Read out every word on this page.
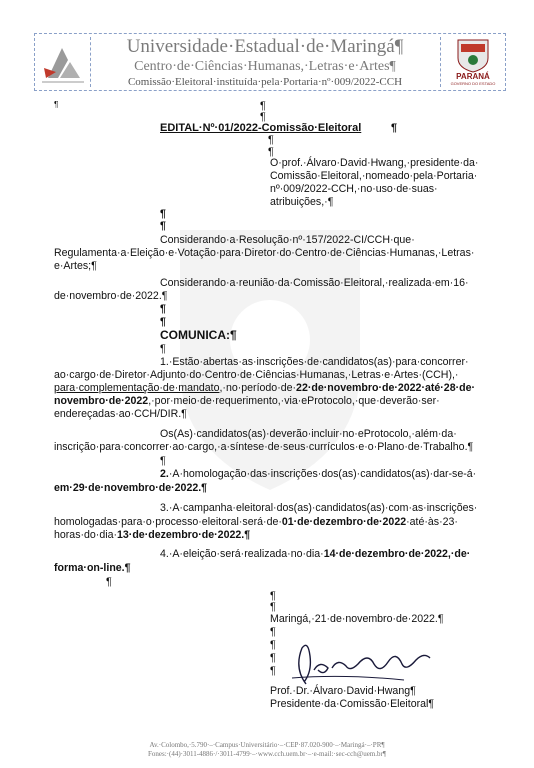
Universidade·Estadual·de·Maringá¶
Centro·de·Ciências·Humanas,·Letras·e·Artes¶
Comissão·Eleitoral·instituída·pela·Portaria·nº·009/2022-CCH	PARANÁ
GOVERNO DO ESTADO
¶	¶
¶
EDITAL·Nº·01/2022-Comissão·Eleitoral	¶
¶
¶
O·prof.·Álvaro·David·Hwang,·presidente·da·
Comissão·Eleitoral,·nomeado·pela·Portaria·
nº·009/2022-CCH,·no·uso·de·suas·
atribuições,·¶
¶
¶
Considerando·a·Resolução·nº·157/2022-CI/CCH·que·
Regulamenta·a·Eleição·e·Votação·para·Diretor·do·Centro·de·Ciências·Humanas,·Letras·
e·Artes;¶
Considerando·a·reunião·da·Comissão·Eleitoral,·realizada·em·16·
de·novembro·de·2022.¶
¶
¶
COMUNICA:¶
¶
1.·Estão·abertas·as·inscrições·de·candidatos(as)·para·concorrer·
ao·cargo·de·Diretor·Adjunto·do·Centro·de·Ciências·Humanas,·Letras·e·Artes·(CCH),·
para·complementação·de·mandato,·no·período·de·22·de·novembro·de·2022·até·28·de·
novembro·de·2022,·por·meio·de·requerimento,·via·eProtocolo,·que·deverão·ser·
endereçadas·ao·CCH/DIR.¶
Os(As)·candidatos(as)·deverão·incluir·no·eProtocolo,·além·da·
inscrição·para·concorrer·ao·cargo,·a·síntese·de·seus·currículos·e·o·Plano·de·Trabalho.¶
¶
2.·A·homologação·das·inscrições·dos(as)·candidatos(as)·dar-se-á·
em·29·de·novembro·de·2022.¶
3.·A·campanha·eleitoral·dos(as)·candidatos(as)·com·as·inscrições·
homologadas·para·o·processo·eleitoral·será·de·01·de·dezembro·de·2022·até·às·23·
horas·do·dia·13·de·dezembro·de·2022.¶
4.·A·eleição·será·realizada·no·dia·14·de·dezembro·de·2022,·de·
forma·on-line.¶
¶
¶
¶
Maringá,·21·de·novembro·de·2022.¶
¶
¶
¶
¶
Prof.·Dr.·Álvaro·David·Hwang¶
Presidente·da·Comissão·Eleitoral¶
Av.·Colombo,·5.790·–·Campus·Universitário·–·CEP·87.020-900·–·Maringá·–·PR¶
Fones:·(44)·3011-4886·/·3011-4799·–·www.cch.uem.br·–·e-mail:·sec-cch@uem.br¶
